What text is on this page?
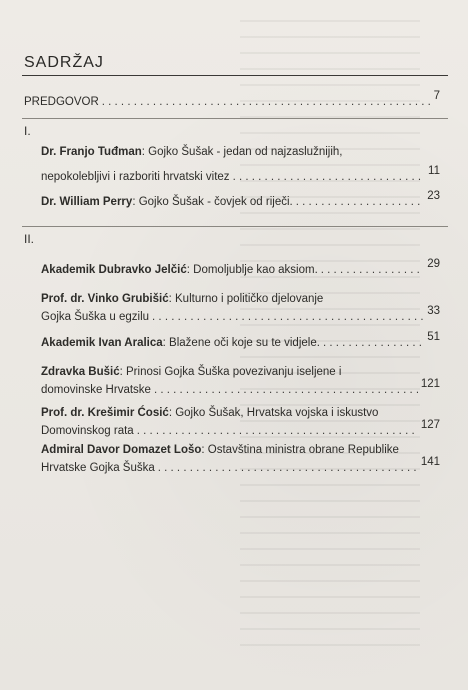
SADRŽAJ
PREDGOVOR . . .	7
I.
Dr. Franjo Tuđman: Gojko Šušak - jedan od najzaslužnijih,
nepokolebljivi i razboriti hrvatski vitez . . .	11
Dr. William Perry: Gojko Šušak - čovjek od riječi. . . .	23
II.
Akademik Dubravko Jelčić: Domoljublje kao aksiom. . . .	29
Prof. dr. Vinko Grubišić: Kulturno i političko djelovanje
Gojka Šuška u egzilu . . .	33
Akademik Ivan Aralica: Blažene oči koje su te vidjele. . . .	51
Zdravka Bušić: Prinosi Gojka Šuška povezivanju iseljene i
domovinske Hrvatske . . .	121
Prof. dr. Krešimir Ćosić: Gojko Šušak, Hrvatska vojska i iskustvo
Domovinskog rata . . .	127
Admiral Davor Domazet Lošo: Ostavština ministra obrane Republike
Hrvatske Gojka Šuška . . .	141
